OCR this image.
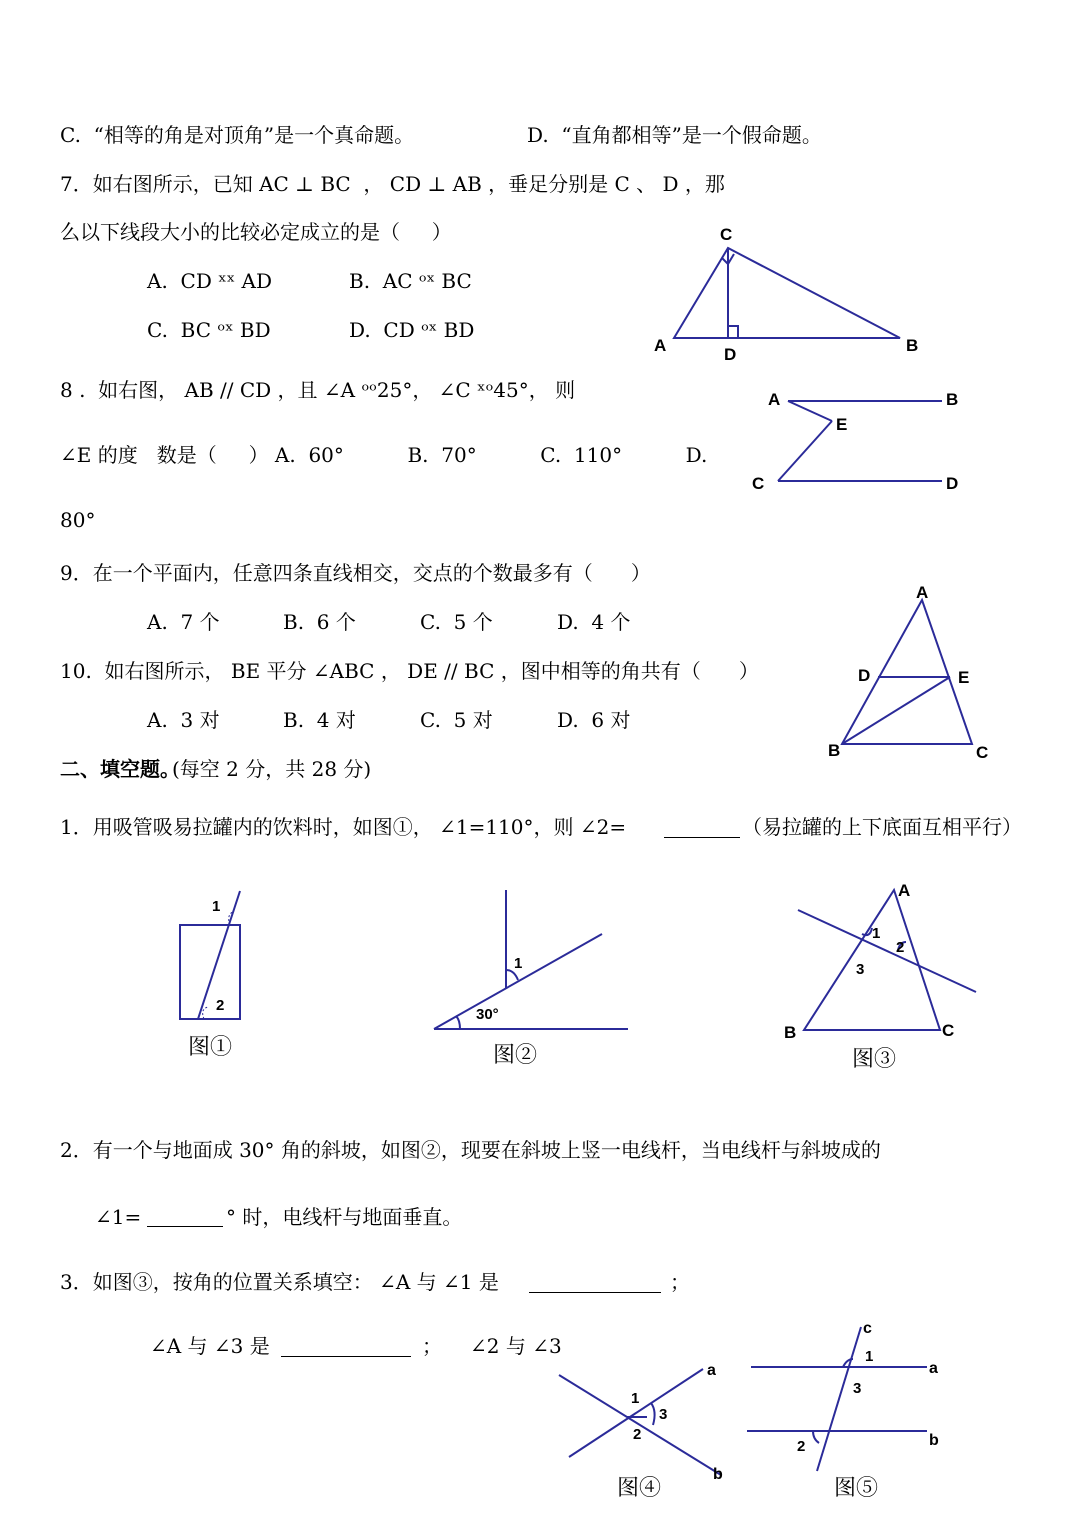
C.  “相等的角是对顶角”是一个真命题。	D.  “直角都相等”是一个假命题。
7．如右图所示，已知 AC ⊥ BC  ， CD ⊥ AB ，垂足分别是 C 、 D ，那
么以下线段大小的比较必定成立的是（     ）
A.  CD ˣˣ AD	B.  AC ᵒˣ BC
C.  BC ᵒˣ BD	D.  CD ᵒˣ BD
C
A	D	B
8 .  如右图， AB // CD ，且 ∠A ᵒᵒ25°， ∠C ˣᵒ45°， 则
∠E 的度   数是（     ） A.  60°          B.  70°          C.  110°          D.
80°
A	B
E
C	D
9．在一个平面内，任意四条直线相交，交点的个数最多有（      ）
A.  7 个	B.  6 个	C.  5 个	D.  4 个
10.  如右图所示， BE 平分 ∠ABC ， DE // BC ，图中相等的角共有（      ）
A.  3 对	B.  4 对	C.  5 对	D.  6 对
A
D	E
B	C
二、填空题。
(每空 2 分，共 28 分)
1．用吸管吸易拉罐内的饮料时，如图①， ∠1=110°，则 ∠2=	（易拉罐的上下底面互相平行）
1
2
图①
1
30°
图②
A
B	C
1
2
3
图③
2．有一个与地面成 30° 角的斜坡，如图②，现要在斜坡上竖一电线杆，当电线杆与斜坡成的
∠1=	° 时，电线杆与地面垂直。
3．如图③，按角的位置关系填空： ∠A 与 ∠1 是	；
∠A 与 ∠3 是	； ∠2 与 ∠3
a
b
1
2
3
图④
c
a
b
1
3
2
图⑤
